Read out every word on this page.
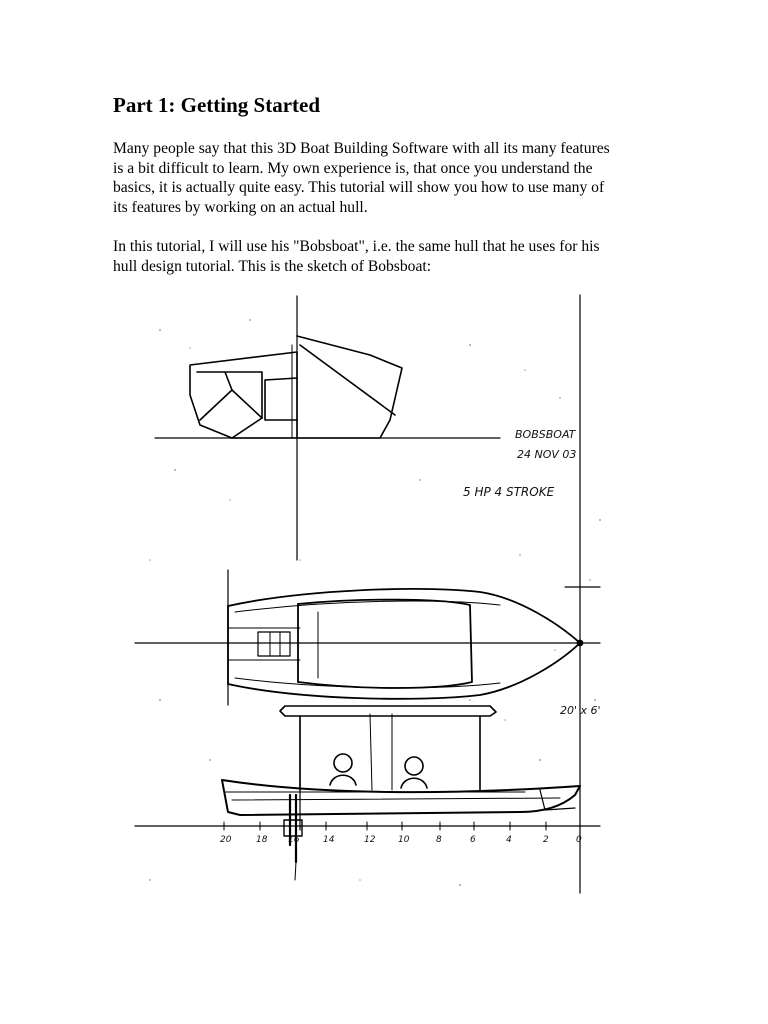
Part 1: Getting Started

Many people say that this 3D Boat Building Software with all its many features
is a bit difficult to learn. My own experience is, that once you understand the
basics, it is actually quite easy. This tutorial will show you how to use many of
its features by working on an actual hull.

In this tutorial, I will use his "Bobsboat", i.e. the same hull that he uses for his
hull design tutorial. This is the sketch of Bobsboat:

BOBSBOAT
24 NOV 03
5 HP 4 STROKE
20' x 6'
20	18 16	14	12	10	8	6	4	2	0
